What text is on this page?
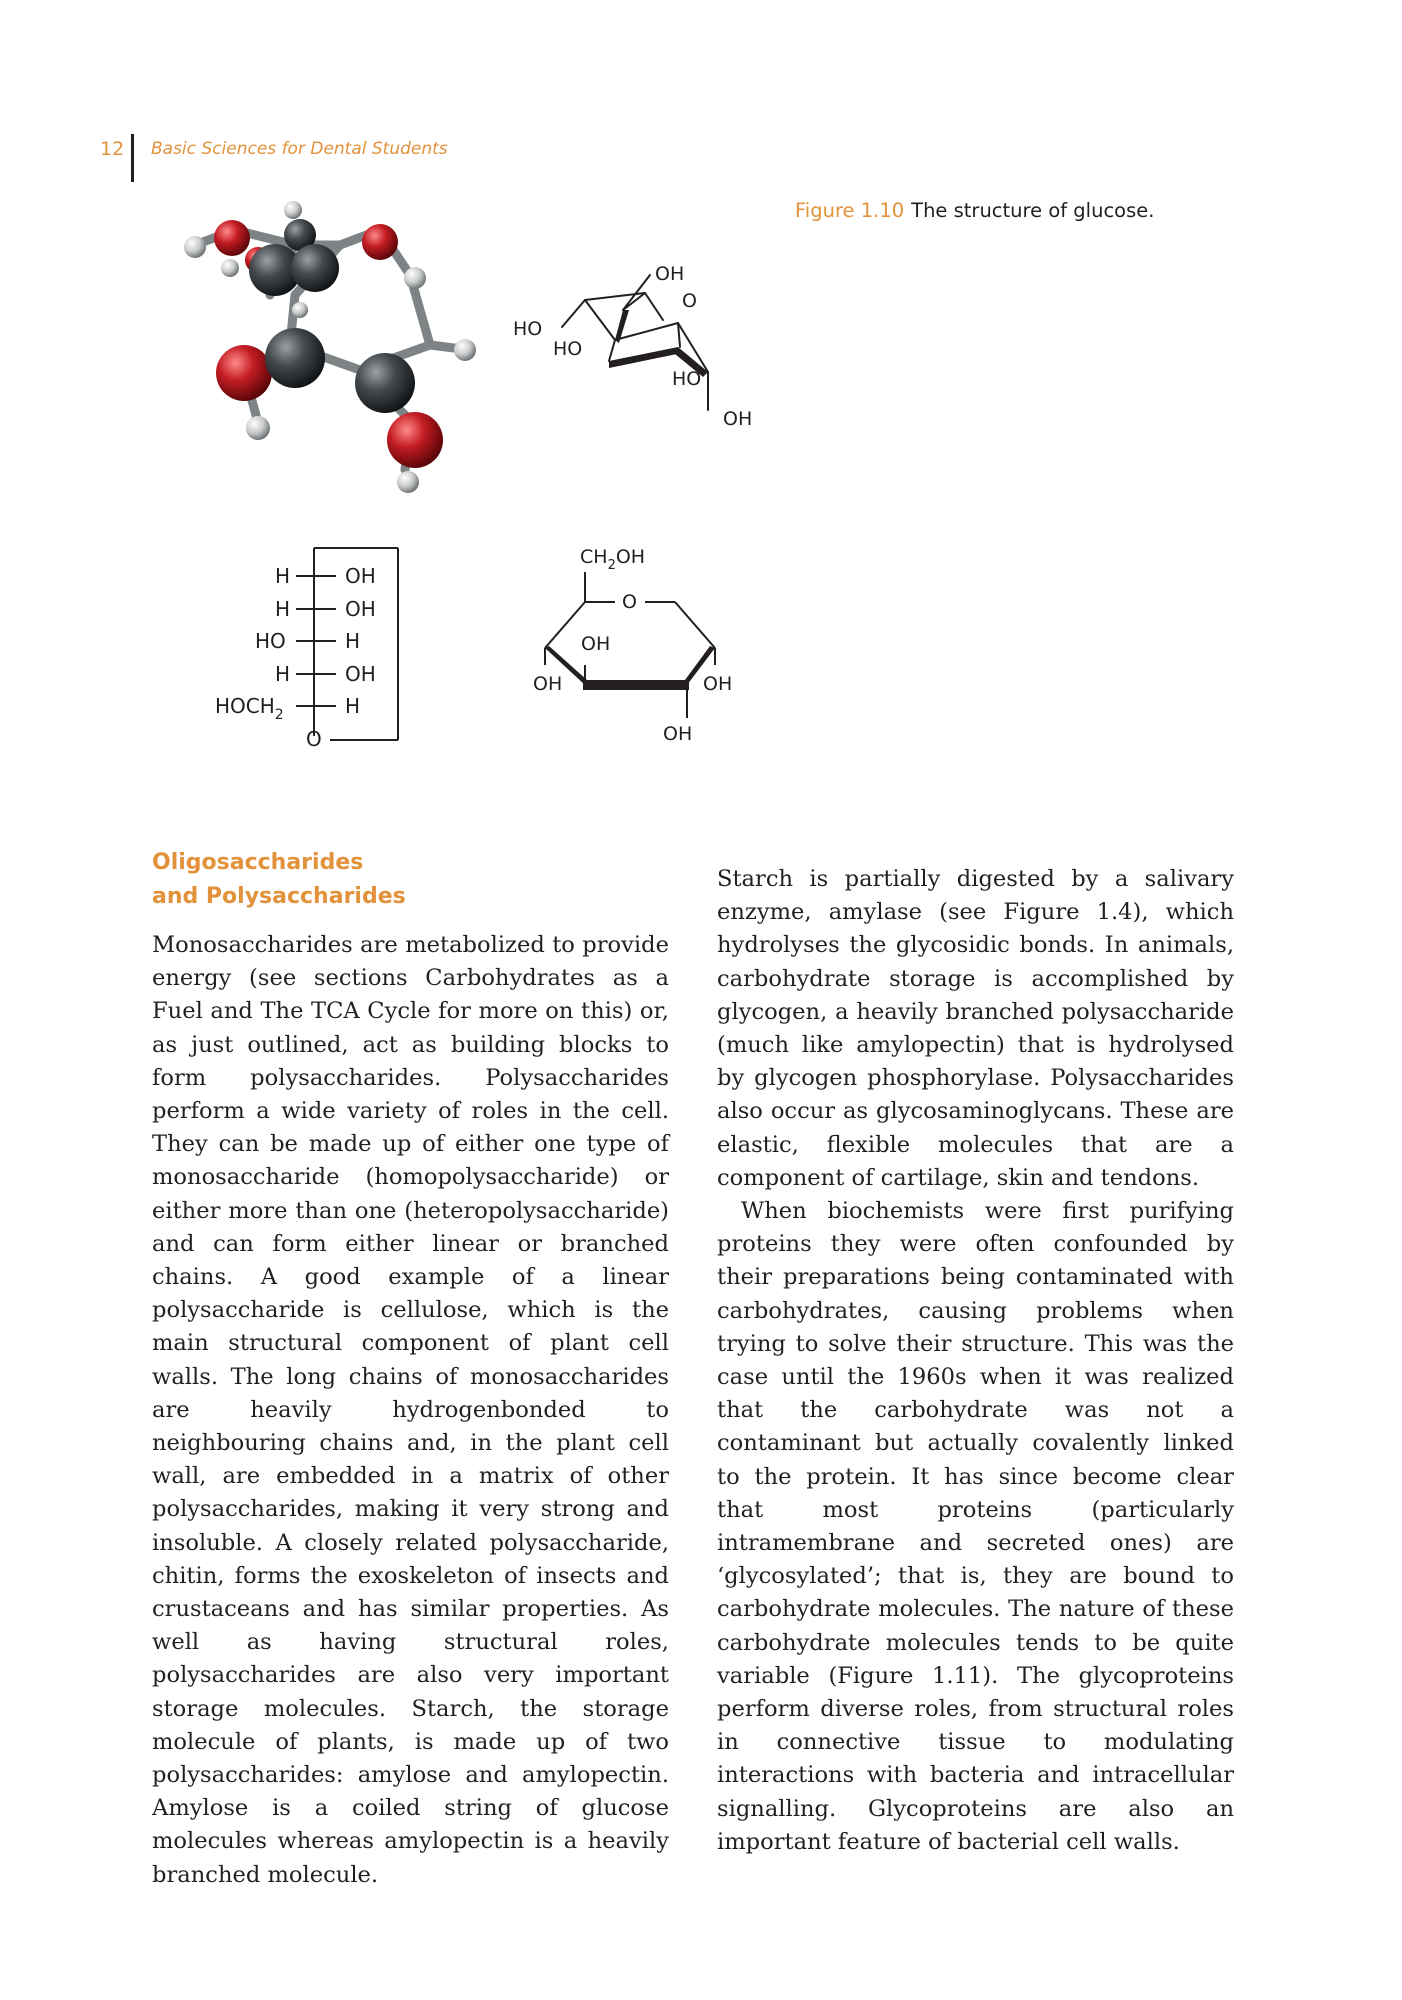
12 Basic Sciences for Dental Students
Figure 1.10 The structure of glucose.
OH
O
HO
HO
HO
OH
H	OH
H	OH
HO	H
H	OH
$HOCH_2$	H
O
$CH_2OH$
O
OH
OH	OH
OH
Oligosaccharides
and Polysaccharides

Monosaccharides are metabolized to provide energy (see sections Carbohydrates as a Fuel and The TCA Cycle for more on this) or, as just outlined, act as building blocks to form polysaccharides. Polysaccharides perform a wide variety of roles in the cell. They can be made up of either one type of monosaccharide (homopolysaccharide) or either more than one (heteropolysaccharide) and can form either linear or branched chains. A good example of a linear polysaccharide is cellulose, which is the main structural component of plant cell walls. The long chains of monosaccharides are heavily hydrogenbonded to neighbouring chains and, in the plant cell wall, are embedded in a matrix of other polysaccharides, making it very strong and insoluble. A closely related polysaccharide, chitin, forms the exoskeleton of insects and crustaceans and has similar properties. As well as having structural roles, polysaccharides are also very important storage molecules. Starch, the storage molecule of plants, is made up of two polysaccharides: amylose and amylopectin. Amylose is a coiled string of glucose molecules whereas amylopectin is a heavily branched molecule.

Starch is partially digested by a salivary enzyme, amylase (see Figure 1.4), which hydrolyses the glycosidic bonds. In animals, carbohydrate storage is accomplished by glycogen, a heavily branched polysaccharide (much like amylopectin) that is hydrolysed by glycogen phosphorylase. Polysaccharides also occur as glycosaminoglycans. These are elastic, flexible molecules that are a component of cartilage, skin and tendons.

When biochemists were first purifying proteins they were often confounded by their preparations being contaminated with carbohydrates, causing problems when trying to solve their structure. This was the case until the 1960s when it was realized that the carbohydrate was not a contaminant but actually covalently linked to the protein. It has since become clear that most proteins (particularly intramembrane and secreted ones) are ‘glycosylated’; that is, they are bound to carbohydrate molecules. The nature of these carbohydrate molecules tends to be quite variable (Figure 1.11). The glycoproteins perform diverse roles, from structural roles in connective tissue to modulating interactions with bacteria and intracellular signalling. Glycoproteins are also an important feature of bacterial cell walls.
